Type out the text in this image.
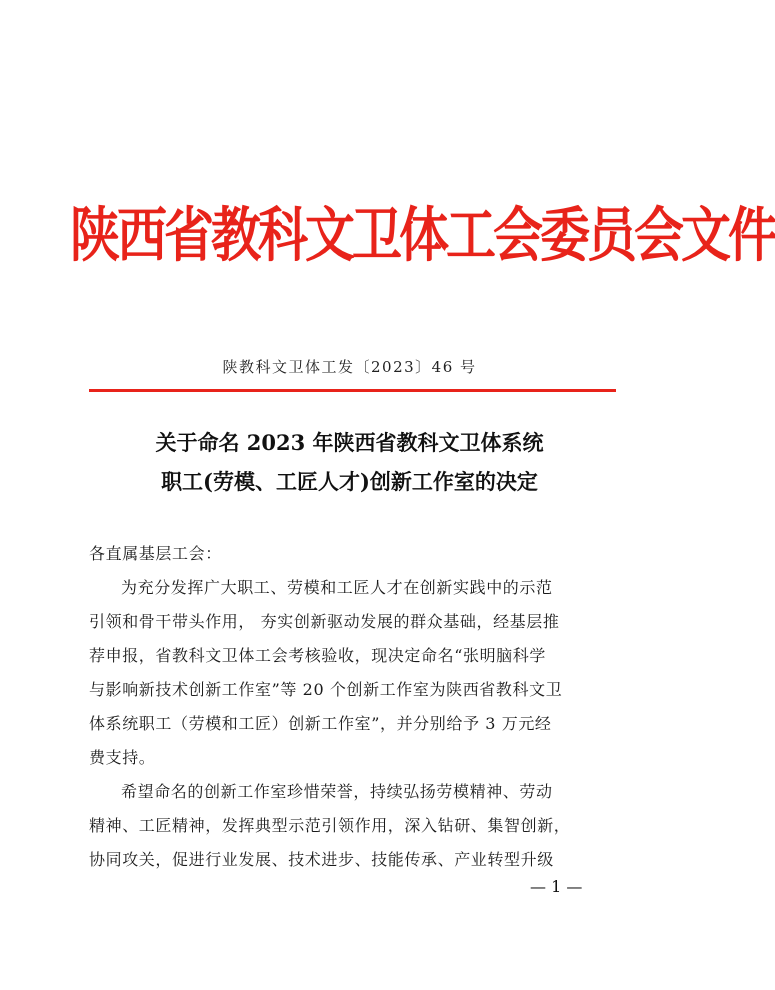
陕西省教科文卫体工会委员会文件
陕教科文卫体工发〔2023〕46 号
关于命名 2023 年陕西省教科文卫体系统
职工(劳模、工匠人才)创新工作室的决定
各直属基层工会：
为充分发挥广大职工、劳模和工匠人才在创新实践中的示范
引领和骨干带头作用， 夯实创新驱动发展的群众基础，经基层推
荐申报，省教科文卫体工会考核验收，现决定命名“张明脑科学
与影响新技术创新工作室”等 20 个创新工作室为陕西省教科文卫
体系统职工（劳模和工匠）创新工作室”，并分别给予 3 万元经
费支持。
希望命名的创新工作室珍惜荣誉，持续弘扬劳模精神、劳动
精神、工匠精神，发挥典型示范引领作用，深入钻研、集智创新，
协同攻关，促进行业发展、技术进步、技能传承、产业转型升级
— 1 —
